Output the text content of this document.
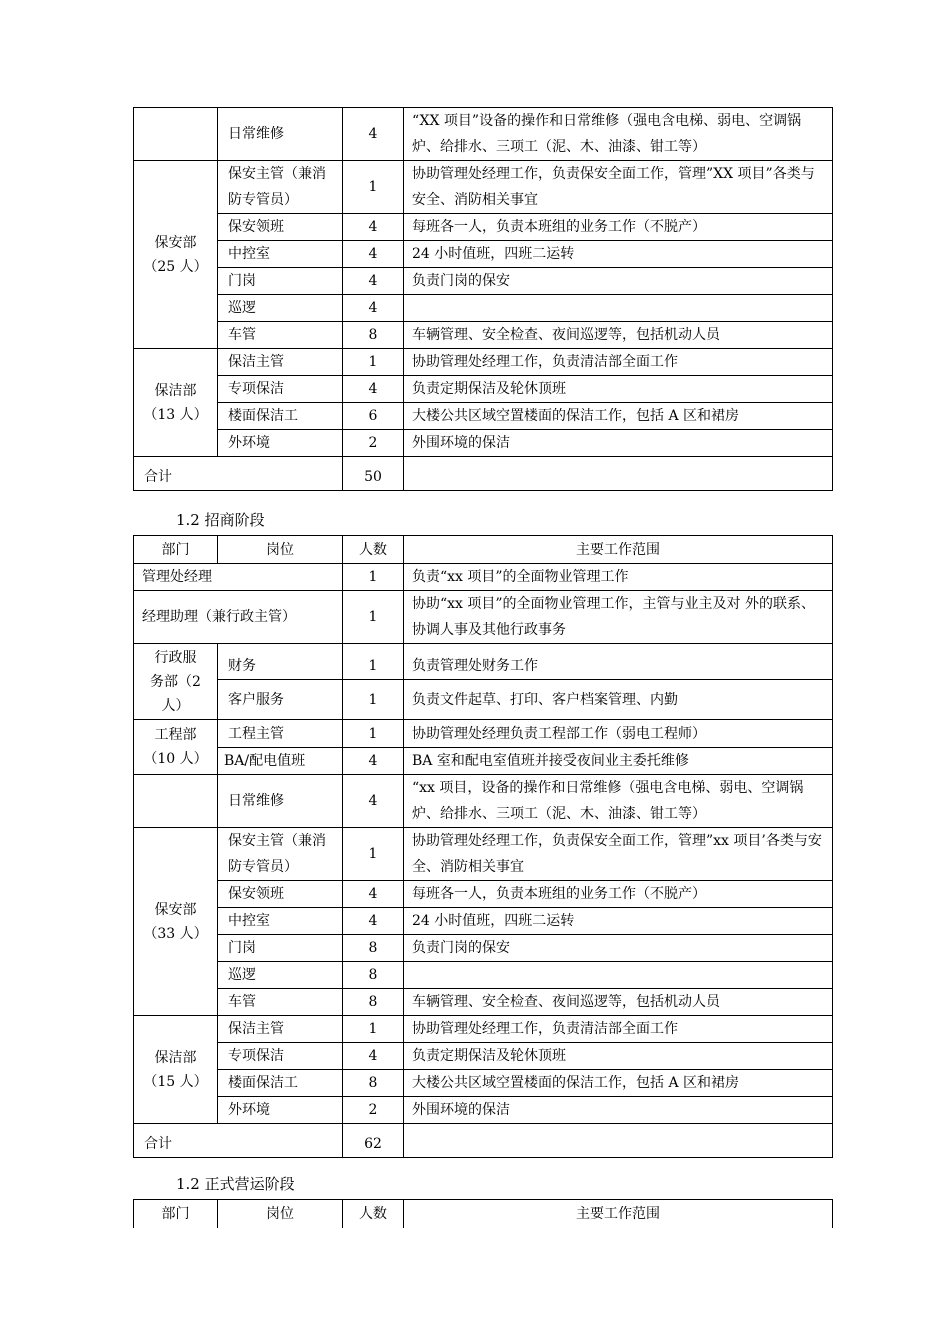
	日常维修	4	“XX 项目”设备的操作和日常维修（强电含电梯、弱电、空调锅炉、给排水、三项工（泥、木、油漆、钳工等）
保安部
（25 人）	保安主管（兼消防专管员）	1	协助管理处经理工作，负责保安全面工作，管理”XX 项目”各类与安全、消防相关事宜
	保安领班	4	每班各一人，负责本班组的业务工作（不脱产）
	中控室	4	24 小时值班，四班二运转
	门岗	4	负责门岗的保安
	巡逻	4	
	车管	8	车辆管理、安全检查、夜间巡逻等，包括机动人员
保洁部
（13 人）	保洁主管	1	协助管理处经理工作，负责清洁部全面工作
	专项保洁	4	负责定期保洁及轮休顶班
	楼面保洁工	6	大楼公共区域空置楼面的保洁工作，包括 A 区和裙房
	外环境	2	外围环境的保洁
合计		50	
1.2 招商阶段
部门	岗位	人数	主要工作范围
管理处经理		1	负责“xx 项目”的全面物业管理工作
经理助理（兼行政主管）		1	协助“xx 项目”的全面物业管理工作，主管与业主及对 外的联系、协调人事及其他行政事务
行政服务部（2 人）	财务	1	负责管理处财务工作
	客户服务	1	负责文件起草、打印、客户档案管理、内勤
工程部
（10 人）	工程主管	1	协助管理处经理负责工程部工作（弱电工程师）
	BA/配电值班	4	BA 室和配电室值班并接受夜间业主委托维修
	日常维修	4	“xx 项目，设备的操作和日常维修（强电含电梯、弱电、空调锅炉、给排水、三项工（泥、木、油漆、钳工等）
保安部
（33 人）	保安主管（兼消防专管员）	1	协助管理处经理工作，负责保安全面工作，管理”xx 项目’各类与安全、消防相关事宜
	保安领班	4	每班各一人，负责本班组的业务工作（不脱产）
	中控室	4	24 小时值班，四班二运转
	门岗	8	负责门岗的保安
	巡逻	8	
	车管	8	车辆管理、安全检查、夜间巡逻等，包括机动人员
保洁部
（15 人）	保洁主管	1	协助管理处经理工作，负责清洁部全面工作
	专项保洁	4	负责定期保洁及轮休顶班
	楼面保洁工	8	大楼公共区域空置楼面的保洁工作，包括 A 区和裙房
	外环境	2	外围环境的保洁
合计		62	
1.2 正式营运阶段
部门	岗位	人数	主要工作范围
